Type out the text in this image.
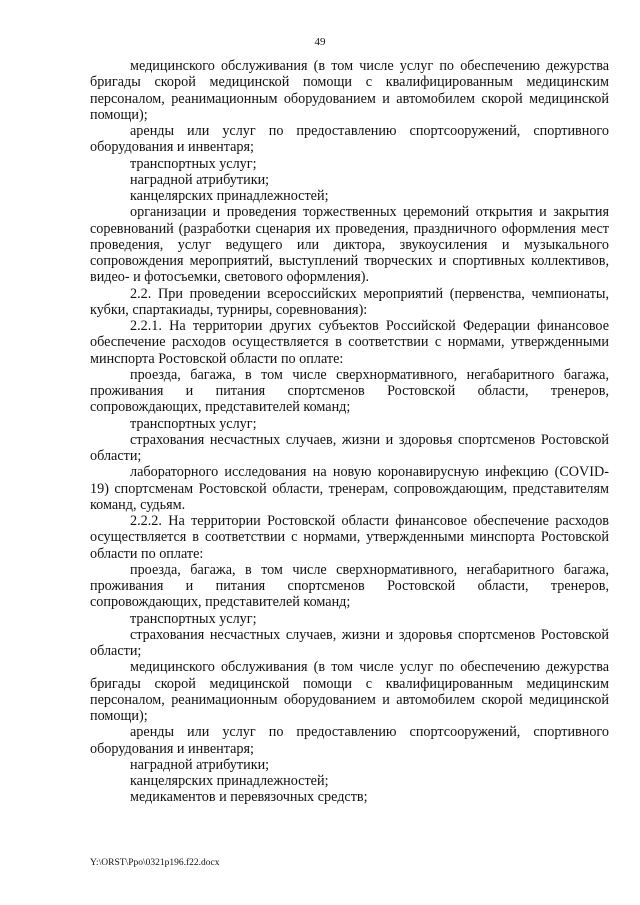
49

медицинского обслуживания (в том числе услуг по обеспечению дежурства бригады скорой медицинской помощи с квалифицированным медицинским персоналом, реанимационным оборудованием и автомобилем скорой медицинской помощи);

аренды или услуг по предоставлению спортсооружений, спортивного оборудования и инвентаря;

транспортных услуг;

наградной атрибутики;

канцелярских принадлежностей;

организации и проведения торжественных церемоний открытия и закрытия соревнований (разработки сценария их проведения, праздничного оформления мест проведения, услуг ведущего или диктора, звукоусиления и музыкального сопровождения мероприятий, выступлений творческих и спортивных коллективов, видео- и фотосъемки, светового оформления).

2.2. При проведении всероссийских мероприятий (первенства, чемпионаты, кубки, спартакиады, турниры, соревнования):

2.2.1. На территории других субъектов Российской Федерации финансовое обеспечение расходов осуществляется в соответствии с нормами, утвержденными минспорта Ростовской области по оплате:

проезда, багажа, в том числе сверхнормативного, негабаритного багажа, проживания и питания спортсменов Ростовской области, тренеров, сопровождающих, представителей команд;

транспортных услуг;

страхования несчастных случаев, жизни и здоровья спортсменов Ростовской области;

лабораторного исследования на новую коронавирусную инфекцию (COVID-19) спортсменам Ростовской области, тренерам, сопровождающим, представителям команд, судьям.

2.2.2. На территории Ростовской области финансовое обеспечение расходов осуществляется в соответствии с нормами, утвержденными минспорта Ростовской области по оплате:

проезда, багажа, в том числе сверхнормативного, негабаритного багажа, проживания и питания спортсменов Ростовской области, тренеров, сопровождающих, представителей команд;

транспортных услуг;

страхования несчастных случаев, жизни и здоровья спортсменов Ростовской области;

медицинского обслуживания (в том числе услуг по обеспечению дежурства бригады скорой медицинской помощи с квалифицированным медицинским персоналом, реанимационным оборудованием и автомобилем скорой медицинской помощи);

аренды или услуг по предоставлению спортсооружений, спортивного оборудования и инвентаря;

наградной атрибутики;

канцелярских принадлежностей;

медикаментов и перевязочных средств;

Y:\ORST\Ppo\0321p196.f22.docx
